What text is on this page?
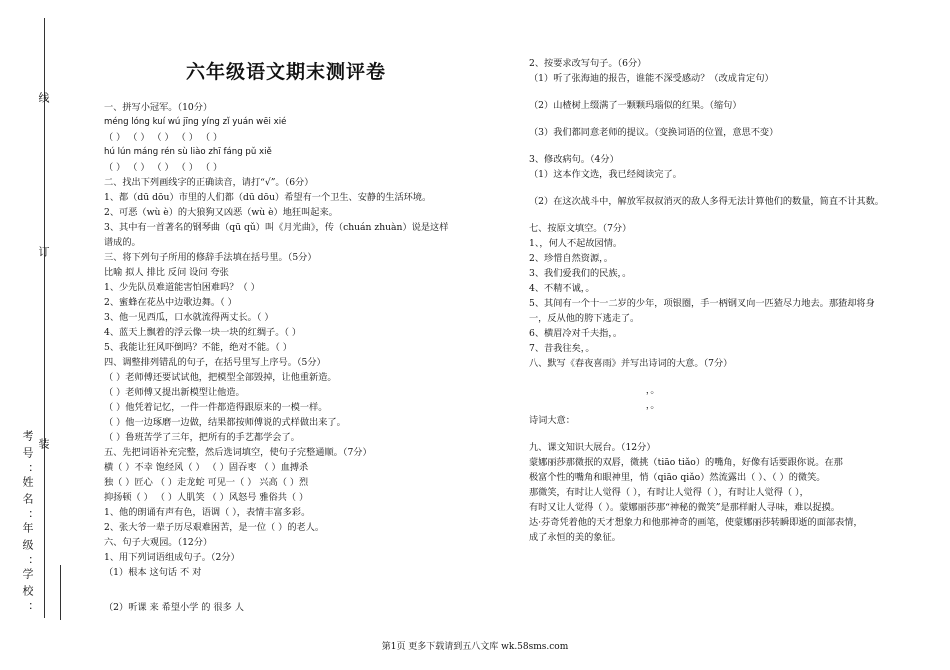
线
订
装
考号：
姓名：
年级：
学校：
六年级语文期末测评卷
一、拼写小冠军。（10分）
méng lóng kuí wú jīng yíng zǐ yuán wēi xié
（ ） （ ） （ ） （ ） （ ）
hú lún máng rén sù liào zhī fáng pǔ xiě
（ ） （ ） （ ） （ ） （ ）
二、找出下列画线字的正确读音，请打“√”。（6分）
1、都（dū dōu）市里的人们都（dū dōu）希望有一个卫生、安静的生活环境。
2、可恶（wù è）的大狼狗又凶恶（wù è）地狂叫起来。
3、其中有一首著名的钢琴曲（qū qǔ）叫《月光曲》，传（chuán zhuàn）说是这样
谱成的。
三、将下列句子所用的修辞手法填在括号里。（5分）
比喻 拟人 排比 反问 设问 夸张
1、少先队员难道能害怕困难吗？（ ）
2、蜜蜂在花丛中边歌边舞。（ ）
3、他一见西瓜，口水就流得两丈长。（ ）
4、蓝天上飘着的浮云像一块一块的红绸子。（ ）
5、我能让狂风吓倒吗？不能，绝对不能。（ ）
四、调整排列错乱的句子，在括号里写上序号。（5分）
（ ）老师傅还要试试他，把模型全部毁掉，让他重新造。
（ ）老师傅又提出新模型让他造。
（ ）他凭着记忆，一件一件都造得跟原来的一模一样。
（ ）他一边琢磨一边做，结果都按师傅说的式样做出来了。
（ ）鲁班苦学了三年，把所有的手艺都学会了。
五、先把词语补充完整，然后选词填空，使句子完整通顺。（7分）
横（ ）不幸 饱经风（ ） （ ）固吞枣 （ ）血搏杀
独（ ）匠心 （ ）走龙蛇 可见一（ ） 兴高（ ）烈
抑扬顿（ ） （ ）人肌笑 （ ）风怒号 雅俗共（ ）
1、他的朗诵有声有色，语调（ ），表情丰富多彩。
2、张大爷一辈子历尽艰难困苦，是一位（ ）的老人。
六、句子大观园。（12分）
1、用下列词语组成句子。（2分）
（1）根本 这句话 不 对
（2）听课 来 希望小学 的 很多 人
2、按要求改写句子。（6分）
（1）听了张海迪的报告，谁能不深受感动？（改成肯定句）
（2）山楂树上缀满了一颗颗玛瑙似的红果。（缩句）
（3）我们都同意老师的提议。（变换词语的位置，意思不变）
3、修改病句。（4分）
（1）这本作文选，我已经阅读完了。
（2）在这次战斗中，解放军叔叔消灭的敌人多得无法计算他们的数量，简直不计其数。
七、按原文填空。（7分）
1、，何人不起故园情。
2、珍惜自然资源，。
3、我们爱我们的民族，。
4、不精不诚，。
5、其间有一个十一二岁的少年，项银圈，手一柄钢叉向一匹猹尽力地去。那猹却将身
一，反从他的胯下逃走了。
6、横眉冷对千夫指，。
7、昔我往矣，。
八、默写《春夜喜雨》并写出诗词的大意。（7分）
，。
，。
诗词大意：
九、课文知识大展台。（12分）
蒙娜丽莎那微抿的双唇，微挑（tiāo tiǎo）的嘴角，好像有话要跟你说。在那
极富个性的嘴角和眼神里，悄（qiāo qiǎo）然流露出（ ）、（ ）的微笑。
那微笑，有时让人觉得（ ），有时让人觉得（ ），有时让人觉得（ ），
有时又让人觉得（ ）。蒙娜丽莎那“神秘的微笑”是那样耐人寻味，难以捉摸。
达·芬奇凭着他的天才想象力和他那神奇的画笔，使蒙娜丽莎转瞬即逝的面部表情，
成了永恒的美的象征。
第1页 更多下载请到五八文库 wk.58sms.com
